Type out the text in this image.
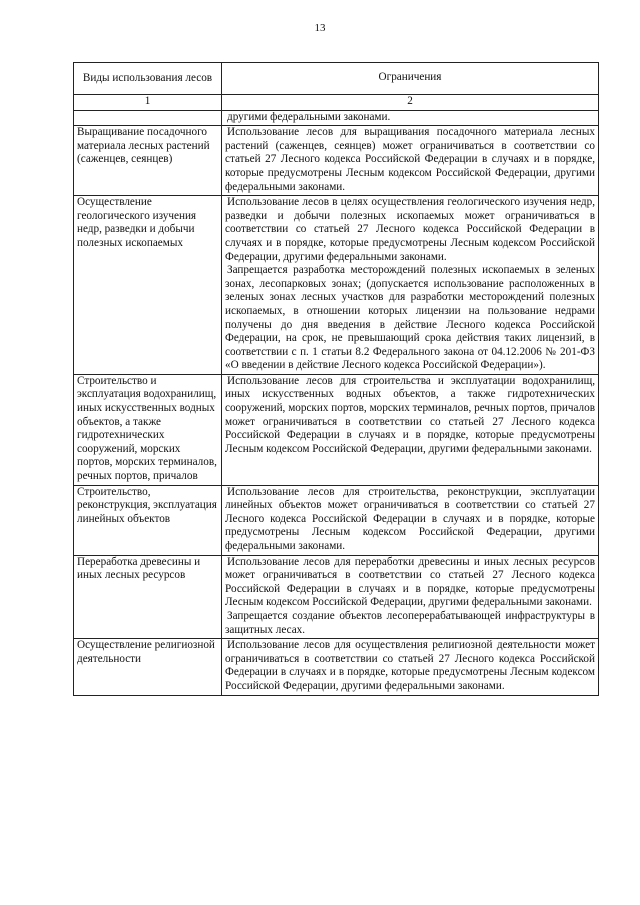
13
Виды использования лесов	Ограничения
1	2

	другими федеральными законами.

Выращивание посадочного материала лесных растений (саженцев, сеянцев)	Использование лесов для выращивания посадочного материала лесных растений (саженцев, сеянцев) может ограничиваться в соответствии со статьей 27 Лесного кодекса Российской Федерации в случаях и в порядке, которые предусмотрены Лесным кодексом Российской Федерации, другими федеральными законами.

Осуществление геологического изучения недр, разведки и добычи полезных ископаемых	Использование лесов в целях осуществления геологического изучения недр, разведки и добычи полезных ископаемых может ограничиваться в соответствии со статьей 27 Лесного кодекса Российской Федерации в случаях и в порядке, которые предусмотрены Лесным кодексом Российской Федерации, другими федеральными законами.

Запрещается разработка месторождений полезных ископаемых в зеленых зонах, лесопарковых зонах; (допускается использование расположенных в зеленых зонах лесных участков для разработки месторождений полезных ископаемых, в отношении которых лицензии на пользование недрами получены до дня введения в действие Лесного кодекса Российской Федерации, на срок, не превышающий срока действия таких лицензий, в соответствии с п. 1 статьи 8.2 Федерального закона от 04.12.2006 № 201-ФЗ «О введении в действие Лесного кодекса Российской Федерации»).

Строительство и эксплуатация водохранилищ, иных искусственных водных объектов, а также гидротехнических сооружений, морских портов, морских терминалов, речных портов, причалов	Использование лесов для строительства и эксплуатации водохранилищ, иных искусственных водных объектов, а также гидротехнических сооружений, морских портов, морских терминалов, речных портов, причалов может ограничиваться в соответствии со статьей 27 Лесного кодекса Российской Федерации в случаях и в порядке, которые предусмотрены Лесным кодексом Российской Федерации, другими федеральными законами.

Строительство, реконструкция, эксплуатация линейных объектов	Использование лесов для строительства, реконструкции, эксплуатации линейных объектов может ограничиваться в соответствии со статьей 27 Лесного кодекса Российской Федерации в случаях и в порядке, которые предусмотрены Лесным кодексом Российской Федерации, другими федеральными законами.

Переработка древесины и иных лесных ресурсов	Использование лесов для переработки древесины и иных лесных ресурсов может ограничиваться в соответствии со статьей 27 Лесного кодекса Российской Федерации в случаях и в порядке, которые предусмотрены Лесным кодексом Российской Федерации, другими федеральными законами.

Запрещается создание объектов лесоперерабатывающей инфраструктуры в защитных лесах.

Осуществление религиозной деятельности	Использование лесов для осуществления религиозной деятельности может ограничиваться в соответствии со статьей 27 Лесного кодекса Российской Федерации в случаях и в порядке, которые предусмотрены Лесным кодексом Российской Федерации, другими федеральными законами.
